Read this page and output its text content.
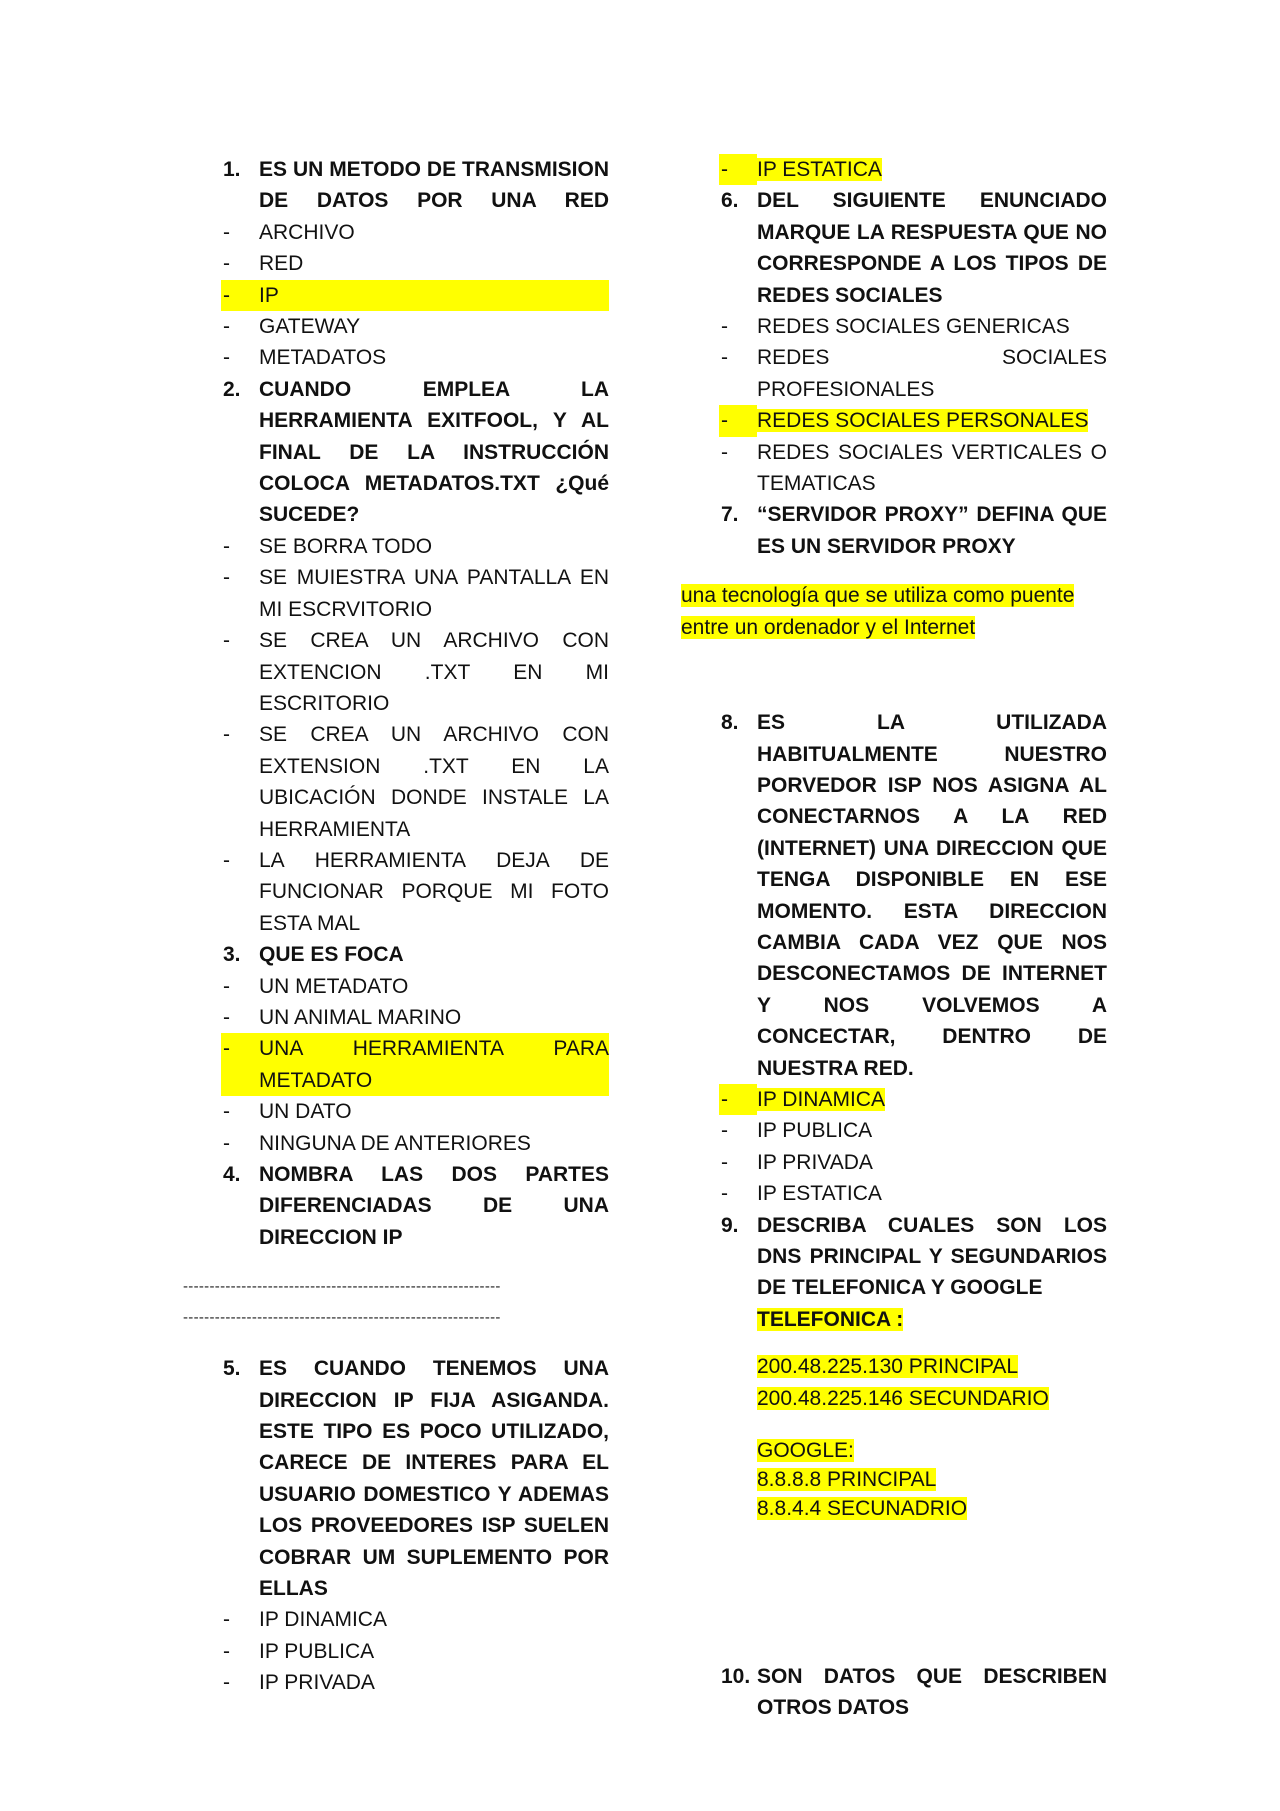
1. ES UN METODO DE TRANSMISION DE DATOS POR UNA RED
-	ARCHIVO
-	RED
-	IP
-	GATEWAY
-	METADATOS
2. CUANDO EMPLEA LA HERRAMIENTA EXITFOOL, Y AL FINAL DE LA INSTRUCCIÓN COLOCA METADATOS.TXT ¿Qué SUCEDE?
-	SE BORRA TODO
-	SE MUIESTRA UNA PANTALLA EN MI ESCRVITORIO
-	SE CREA UN ARCHIVO CON EXTENCION .TXT EN MI ESCRITORIO
-	SE CREA UN ARCHIVO CON EXTENSION .TXT EN LA UBICACIÓN DONDE INSTALE LA HERRAMIENTA
-	LA HERRAMIENTA DEJA DE FUNCIONAR PORQUE MI FOTO ESTA MAL
3. QUE ES FOCA
-	UN METADATO
-	UN ANIMAL MARINO
-	UNA HERRAMIENTA PARA METADATO
-	UN DATO
-	NINGUNA DE ANTERIORES
4. NOMBRA LAS DOS PARTES DIFERENCIADAS DE UNA DIRECCION IP
------------------------------------------------------------
------------------------------------------------------------
5. ES CUANDO TENEMOS UNA DIRECCION IP FIJA ASIGANDA. ESTE TIPO ES POCO UTILIZADO, CARECE DE INTERES PARA EL USUARIO DOMESTICO Y ADEMAS LOS PROVEEDORES ISP SUELEN COBRAR UM SUPLEMENTO POR ELLAS
-	IP DINAMICA
-	IP PUBLICA
-	IP PRIVADA
-	IP ESTATICA
6. DEL SIGUIENTE ENUNCIADO MARQUE LA RESPUESTA QUE NO CORRESPONDE A LOS TIPOS DE REDES SOCIALES
-	REDES SOCIALES GENERICAS
-	REDES SOCIALES PROFESIONALES
-	REDES SOCIALES PERSONALES
-	REDES SOCIALES VERTICALES O TEMATICAS
7. “SERVIDOR PROXY” DEFINA QUE ES UN SERVIDOR PROXY
una tecnología que se utiliza como puente
entre un ordenador y el Internet
8. ES LA UTILIZADA HABITUALMENTE NUESTRO PORVEDOR ISP NOS ASIGNA AL CONECTARNOS A LA RED (INTERNET) UNA DIRECCION QUE TENGA DISPONIBLE EN ESE MOMENTO. ESTA DIRECCION CAMBIA CADA VEZ QUE NOS DESCONECTAMOS DE INTERNET Y NOS VOLVEMOS A CONCECTAR, DENTRO DE NUESTRA RED.
-	IP DINAMICA
-	IP PUBLICA
-	IP PRIVADA
-	IP ESTATICA
9. DESCRIBA CUALES SON LOS DNS PRINCIPAL Y SEGUNDARIOS DE TELEFONICA Y GOOGLE
TELEFONICA :
200.48.225.130 PRINCIPAL
200.48.225.146 SECUNDARIO
GOOGLE:
8.8.8.8 PRINCIPAL
8.8.4.4 SECUNADRIO
10. SON DATOS QUE DESCRIBEN OTROS DATOS
